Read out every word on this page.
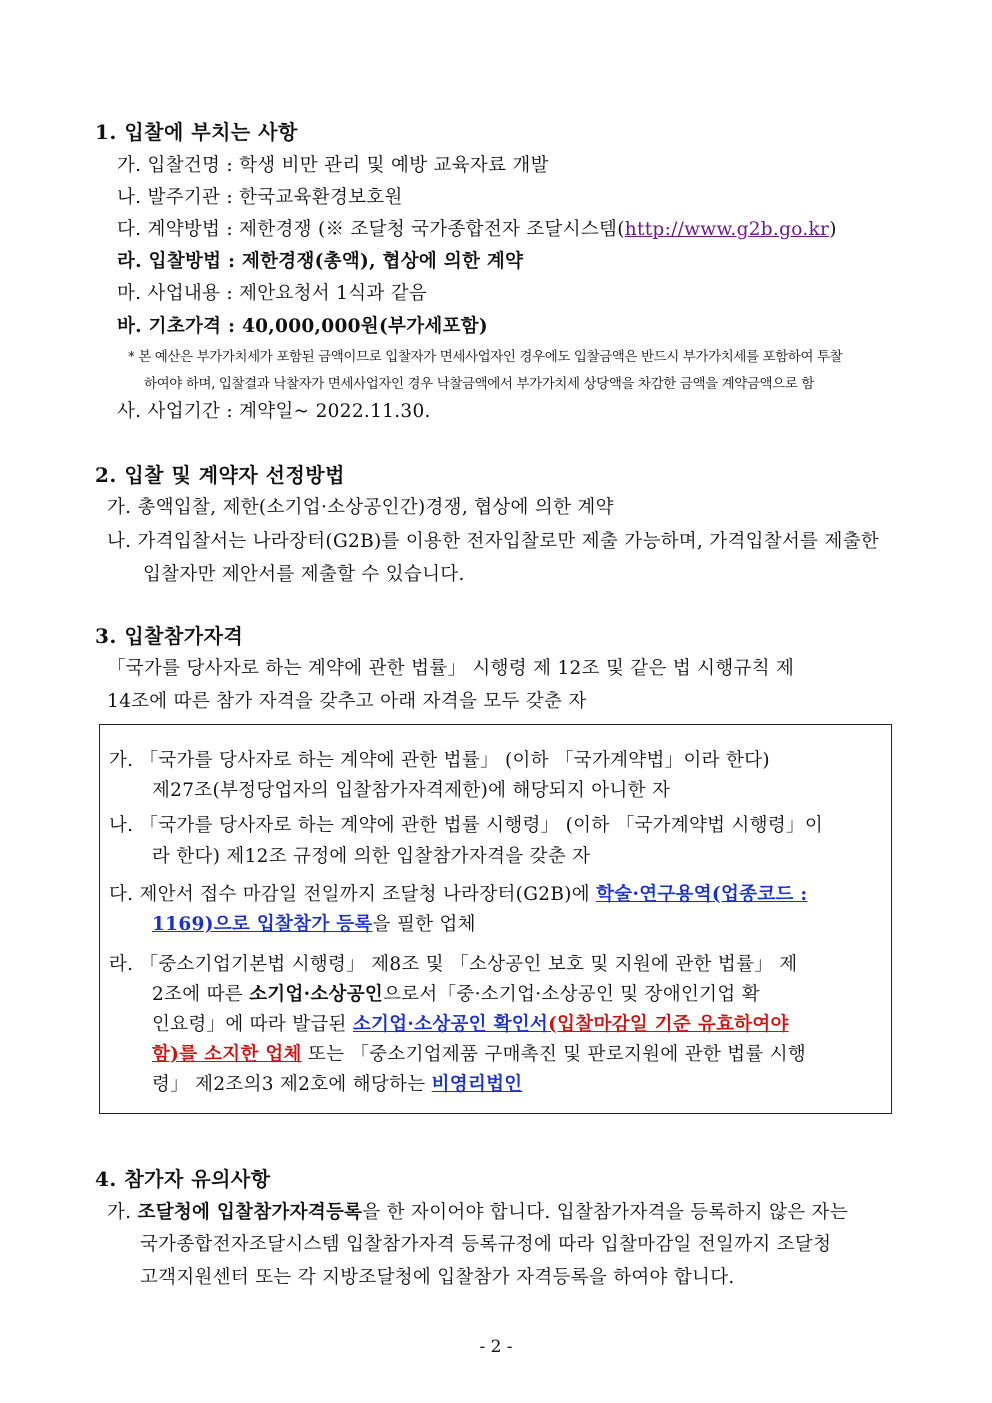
1. 입찰에 부치는 사항
가. 입찰건명 : 학생 비만 관리 및 예방 교육자료 개발
나. 발주기관 : 한국교육환경보호원
다. 계약방법 : 제한경쟁 (※ 조달청 국가종합전자 조달시스템(http://www.g2b.go.kr)
라. 입찰방법 : 제한경쟁(총액), 협상에 의한 계약
마. 사업내용 : 제안요청서 1식과 같음
바. 기초가격 : 40,000,000원(부가세포함)
* 본 예산은 부가가치세가 포함된 금액이므로 입찰자가 면세사업자인 경우에도 입찰금액은 반드시 부가가치세를 포함하여 투찰
하여야 하며, 입찰결과 낙찰자가 면세사업자인 경우 낙찰금액에서 부가가치세 상당액을 차감한 금액을 계약금액으로 함
사. 사업기간 : 계약일~ 2022.11.30.
2. 입찰 및 계약자 선정방법
가. 총액입찰, 제한(소기업·소상공인간)경쟁, 협상에 의한 계약
나. 가격입찰서는 나라장터(G2B)를 이용한 전자입찰로만 제출 가능하며, 가격입찰서를 제출한
입찰자만 제안서를 제출할 수 있습니다.
3. 입찰참가자격
「국가를 당사자로 하는 계약에 관한 법률」 시행령 제 12조 및 같은 법 시행규칙 제
14조에 따른 참가 자격을 갖추고 아래 자격을 모두 갖춘 자
가. 「국가를 당사자로 하는 계약에 관한 법률」 (이하 「국가계약법」이라 한다)
제27조(부정당업자의 입찰참가자격제한)에 해당되지 아니한 자
나. 「국가를 당사자로 하는 계약에 관한 법률 시행령」 (이하 「국가계약법 시행령」이
라 한다) 제12조 규정에 의한 입찰참가자격을 갖춘 자
다. 제안서 접수 마감일 전일까지 조달청 나라장터(G2B)에 학술·연구용역(업종코드 :
1169)으로 입찰참가 등록을 필한 업체
라. 「중소기업기본법 시행령」 제8조 및 「소상공인 보호 및 지원에 관한 법률」 제
2조에 따른 소기업·소상공인으로서「중·소기업·소상공인 및 장애인기업 확
인요령」에 따라 발급된 소기업·소상공인 확인서(입찰마감일 기준 유효하여야
함)를 소지한 업체 또는 「중소기업제품 구매촉진 및 판로지원에 관한 법률 시행
령」 제2조의3 제2호에 해당하는 비영리법인
4. 참가자 유의사항
가. 조달청에 입찰참가자격등록을 한 자이어야 합니다. 입찰참가자격을 등록하지 않은 자는
국가종합전자조달시스템 입찰참가자격 등록규정에 따라 입찰마감일 전일까지 조달청
고객지원센터 또는 각 지방조달청에 입찰참가 자격등록을 하여야 합니다.
- 2 -
